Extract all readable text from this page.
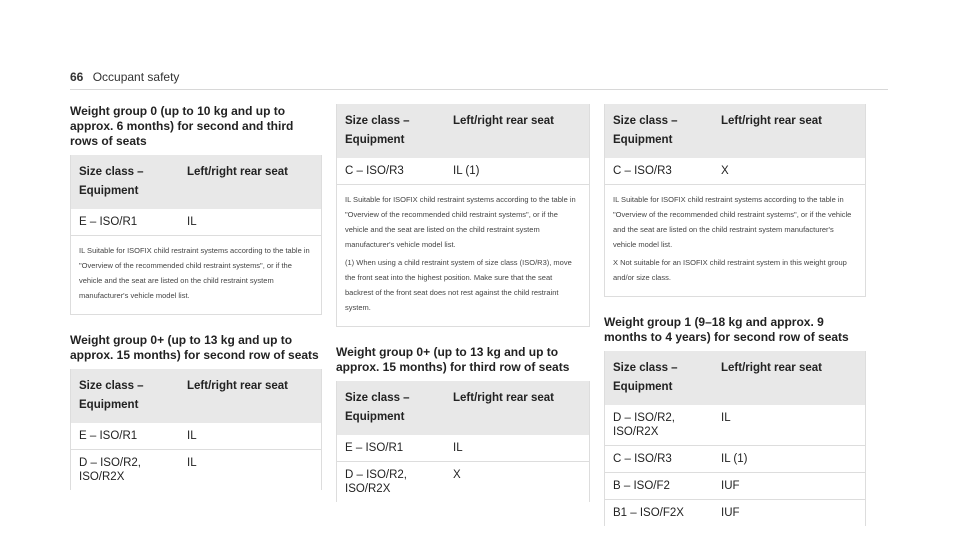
66 Occupant safety
Weight group 0 (up to 10 kg and up to approx. 6 months) for second and third rows of seats
Size class – Equipment	Left/right rear seat
E – ISO/R1	IL

IL Suitable for ISOFIX child restraint systems according to the table in "Overview of the recommended child restraint systems", or if the vehicle and the seat are listed on the child restraint system manufacturer's vehicle model list.	

Weight group 0+ (up to 13 kg and up to approx. 15 months) for second row of seats
Size class – Equipment	Left/right rear seat
E – ISO/R1	IL
D – ISO/R2, ISO/R2X	IL
Size class – Equipment	Left/right rear seat
C – ISO/R3	IL (1)

IL Suitable for ISOFIX child restraint systems according to the table in "Overview of the recommended child restraint systems", or if the vehicle and the seat are listed on the child restraint system manufacturer's vehicle model list.

(1) When using a child restraint system of size class (ISO/R3), move the front seat into the highest position. Make sure that the seat backrest of the front seat does not rest against the child restraint system.	

Weight group 0+ (up to 13 kg and up to approx. 15 months) for third row of seats
Size class – Equipment	Left/right rear seat
E – ISO/R1	IL
D – ISO/R2, ISO/R2X	X
Size class – Equipment	Left/right rear seat
C – ISO/R3	X

IL Suitable for ISOFIX child restraint systems according to the table in "Overview of the recommended child restraint systems", or if the vehicle and the seat are listed on the child restraint system manufacturer's vehicle model list.

X Not suitable for an ISOFIX child restraint system in this weight group and/or size class.	

Weight group 1 (9–18 kg and approx. 9 months to 4 years) for second row of seats
Size class – Equipment	Left/right rear seat
D – ISO/R2, ISO/R2X	IL
C – ISO/R3	IL (1)
B – ISO/F2	IUF
B1 – ISO/F2X	IUF
